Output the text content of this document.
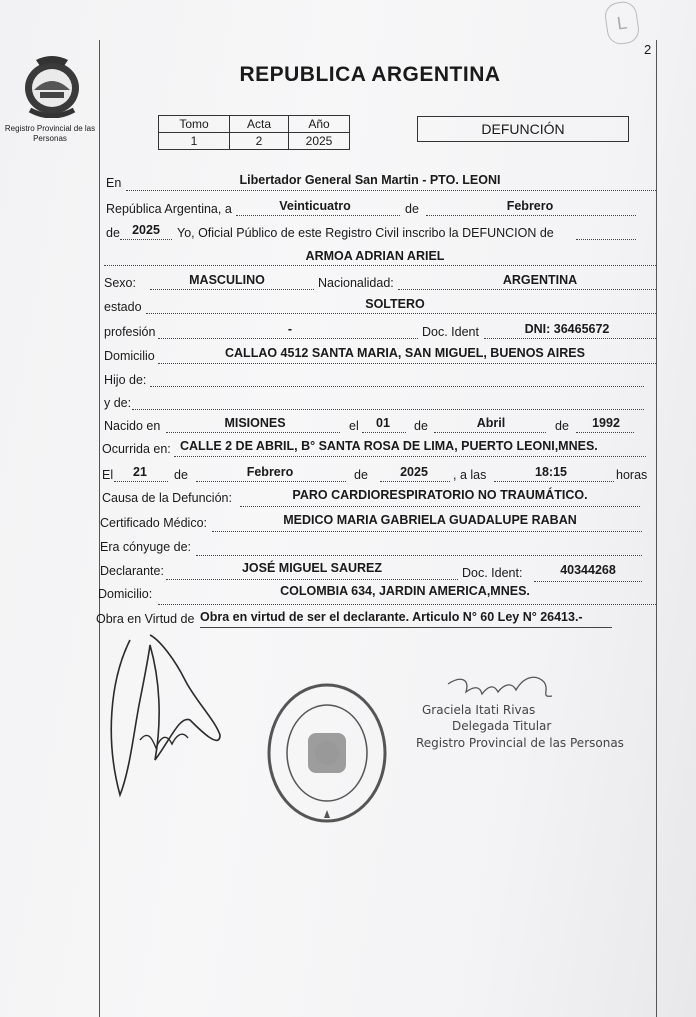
L
2
Registro Provincial de las Personas
REPUBLICA ARGENTINA
Tomo	Acta	Año
1	2	2025
DEFUNCIÓN
En	Libertador General San Martin - PTO. LEONI
República Argentina, a	Veinticuatro	de	Febrero
de 2025	Yo, Oficial Público de este Registro Civil inscribo la DEFUNCION de
ARMOA ADRIAN ARIEL
Sexo:	MASCULINO	Nacionalidad:	ARGENTINA
estado	SOLTERO
profesión	-	Doc. Ident	DNI: 36465672
Domicilio	CALLAO 4512 SANTA MARIA, SAN MIGUEL, BUENOS AIRES
Hijo de:
y de:
Nacido en	MISIONES	el	01	de	Abril	de	1992
Ocurrida en: CALLE 2 DE ABRIL, B° SANTA ROSA DE LIMA, PUERTO LEONI,MNES.
El	21	de	Febrero	de	2025	, a las	18:15	horas
Causa de la Defunción:	PARO CARDIORESPIRATORIO NO TRAUMÁTICO.
Certificado Médico:	MEDICO MARIA GABRIELA GUADALUPE RABAN
Era cónyuge de:
Declarante:	JOSÉ MIGUEL SAUREZ	Doc. Ident:	40344268
Domicilio:	COLOMBIA 634, JARDIN AMERICA,MNES.
Obra en Virtud de Obra en virtud de ser el declarante. Articulo N° 60 Ley N° 26413.-
Graciela Itati Rivas
Delegada Titular
Registro Provincial de las Personas
